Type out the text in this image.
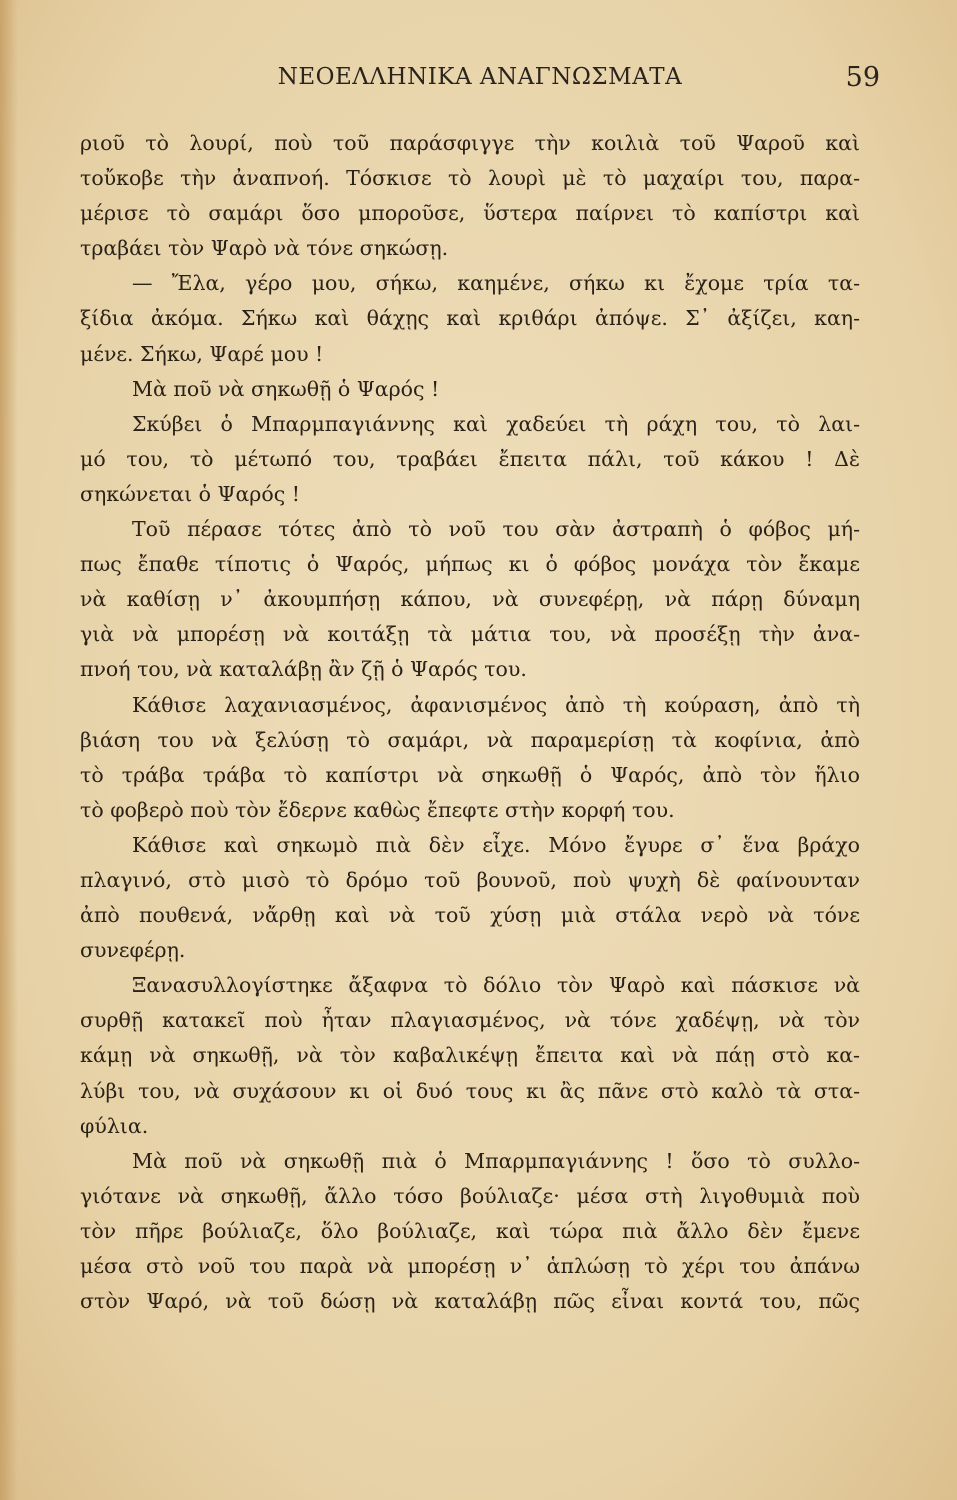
ΝΕΟΕΛΛΗΝΙΚΑ ΑΝΑΓΝΩΣΜΑΤΑ	59
ριοῦ τὸ λουρί, ποὺ τοῦ παράσφιγγε τὴν κοιλιὰ τοῦ Ψαροῦ καὶ
τοὔκοβε τὴν ἀναπνοή. Τόσκισε τὸ λουρὶ μὲ τὸ μαχαίρι του, παρα-
μέρισε τὸ σαμάρι ὅσο μποροῦσε, ὕστερα παίρνει τὸ καπίστρι καὶ
τραβάει τὸν Ψαρὸ νὰ τόνε σηκώσῃ.
— Ἔλα, γέρο μου, σήκω, καημένε, σήκω κι ἔχομε τρία τα-
ξίδια ἀκόμα. Σήκω καὶ θάχῃς καὶ κριθάρι ἀπόψε. Σ᾿ ἀξίζει, καη-
μένε. Σήκω, Ψαρέ μου !
Μὰ ποῦ νὰ σηκωθῇ ὁ Ψαρός !
Σκύβει ὁ Μπαρμπαγιάννης καὶ χαδεύει τὴ ράχη του, τὸ λαι-
μό του, τὸ μέτωπό του, τραβάει ἔπειτα πάλι, τοῦ κάκου ! Δὲ
σηκώνεται ὁ Ψαρός !
Τοῦ πέρασε τότες ἀπὸ τὸ νοῦ του σὰν ἀστραπὴ ὁ φόβος μή-
πως ἔπαθε τίποτις ὁ Ψαρός, μήπως κι ὁ φόβος μονάχα τὸν ἔκαμε
νὰ καθίσῃ ν᾿ ἀκουμπήσῃ κάπου, νὰ συνεφέρῃ, νὰ πάρῃ δύναμη
γιὰ νὰ μπορέσῃ νὰ κοιτάξῃ τὰ μάτια του, νὰ προσέξῃ τὴν ἀνα-
πνοή του, νὰ καταλάβῃ ἂν ζῇ ὁ Ψαρός του.
Κάθισε λαχανιασμένος, ἀφανισμένος ἀπὸ τὴ κούραση, ἀπὸ τὴ
βιάση του νὰ ξελύσῃ τὸ σαμάρι, νὰ παραμερίσῃ τὰ κοφίνια, ἀπὸ
τὸ τράβα τράβα τὸ καπίστρι νὰ σηκωθῇ ὁ Ψαρός, ἀπὸ τὸν ἥλιο
τὸ φοβερὸ ποὺ τὸν ἔδερνε καθὼς ἔπεφτε στὴν κορφή του.
Κάθισε καὶ σηκωμὸ πιὰ δὲν εἶχε. Μόνο ἔγυρε σ᾿ ἕνα βράχο
πλαγινό, στὸ μισὸ τὸ δρόμο τοῦ βουνοῦ, ποὺ ψυχὴ δὲ φαίνουνταν
ἀπὸ πουθενά, νἄρθῃ καὶ νὰ τοῦ χύσῃ μιὰ στάλα νερὸ νὰ τόνε
συνεφέρῃ.
Ξανασυλλογίστηκε ἄξαφνα τὸ δόλιο τὸν Ψαρὸ καὶ πάσκισε νὰ
συρθῇ κατακεῖ ποὺ ἦταν πλαγιασμένος, νὰ τόνε χαδέψῃ, νὰ τὸν
κάμῃ νὰ σηκωθῇ, νὰ τὸν καβαλικέψῃ ἔπειτα καὶ νὰ πάῃ στὸ κα-
λύβι του, νὰ συχάσουν κι οἱ δυό τους κι ἂς πᾶνε στὸ καλὸ τὰ στα-
φύλια.
Μὰ ποῦ νὰ σηκωθῇ πιὰ ὁ Μπαρμπαγιάννης ! ὅσο τὸ συλλο-
γιότανε νὰ σηκωθῇ, ἄλλο τόσο βούλιαζε· μέσα στὴ λιγοθυμιὰ ποὺ
τὸν πῆρε βούλιαζε, ὅλο βούλιαζε, καὶ τώρα πιὰ ἄλλο δὲν ἔμενε
μέσα στὸ νοῦ του παρὰ νὰ μπορέσῃ ν᾿ ἁπλώσῃ τὸ χέρι του ἀπάνω
στὸν Ψαρό, νὰ τοῦ δώσῃ νὰ καταλάβῃ πῶς εἶναι κοντά του, πῶς
